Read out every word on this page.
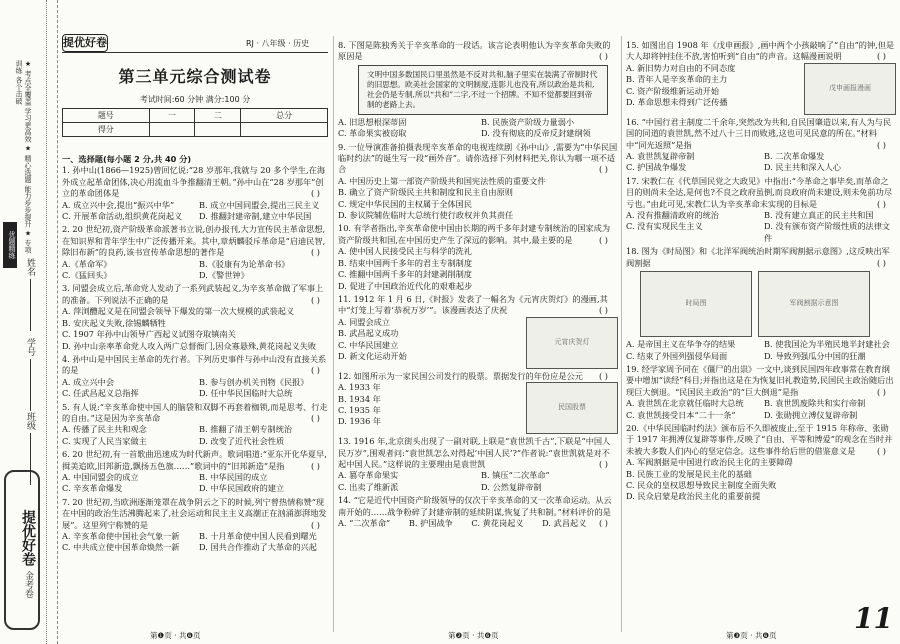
★ 考点全覆盖 学习更高效 ★ 精心选题 能力步步提升 ★ 专项训练 各个击破
优题精练
姓名
学号
班级
提优好卷 金考卷
提优好卷	RJ · 八年级 · 历史
第三单元综合测试卷
考试时间:60 分钟 满分:100 分
题号	一	二	总分
得分			
一、选择题(每小题 2 分,共 40 分)
1. 孙中山(1866—1925)曾回忆说:“28 岁那年,我就与 20 多个学生,在海外成立起革命团体,决心用流血斗争推翻清王朝。”孙中山在“28 岁那年”创立的革命团体是	( )
A. 成立兴中会,提出“振兴中华”	B. 成立中国同盟会,提出三民主义
C. 开展革命活动,组织黄花岗起义	D. 推翻封建帝制,建立中华民国
2. 20 世纪初,资产阶级革命派著书立说,创办报刊,大力宣传民主革命思想,在知识界和青年学生中广泛传播开来。其中,章炳麟驳斥革命是“启迪民智,除旧布新”的良药,该书宣传革命思想的著作是	( )
A.《革命军》	B.《驳康有为论革命书》
C.《猛回头》	D.《警世钟》
3. 同盟会成立后,革命党人发动了一系列武装起义,为辛亥革命做了军事上的准备。下列说法不正确的是	( )
A. 萍浏醴起义是在同盟会领导下爆发的第一次大规模的武装起义
B. 安庆起义失败,徐锡麟牺牲
C. 1907 年孙中山领导广西起义试图夺取镇南关
D. 孙中山亲率革命党人攻入两广总督衙门,因众寡悬殊,黄花岗起义失败
4. 孙中山是中国民主革命的先行者。下列历史事件与孙中山没有直接关系的是	( )
A. 成立兴中会	B. 参与创办机关刊物《民报》
C. 任武昌起义总指挥	D. 任中华民国临时大总统
5. 有人说:“辛亥革命使中国人的脑袋和双脚不再套着枷锁,而是思考、行走的自由。”这是因为辛亥革命	( )
A. 传播了民主共和观念	B. 推翻了清王朝专制统治
C. 实现了人民当家做主	D. 改变了近代社会性质
6. 20 世纪初,有一首歌曲迅速成为时代新声。歌词唱道:“亚东开化华夏早,揖美追欧,旧邦新造,飘扬五色旗……”歌词中的“旧邦新造”是指	( )
A. 中国同盟会的成立	B. 中华民国的成立
C. 辛亥革命爆发	D. 中华民国政府的建立
7. 20 世纪初,当欧洲逐渐笼罩在战争阴云之下的时候,列宁曾热情称赞“现在中国的政治生活沸腾起来了,社会运动和民主主义高潮正在汹涌澎湃地发展”。这里列宁称赞的是	( )
A. 辛亥革命使中国社会气象一新	B. 十月革命使中国人民看到曙光
C. 中共成立使中国革命焕然一新	D. 国共合作推动了大革命的兴起
8. 下图是陈独秀关于辛亥革命的一段话。该言论表明他认为辛亥革命失败的原因是	( )
文明中国多数国民口里虽然是不反对共和,脑子里实在装满了帝制时代的旧思想。欧美社会国家的文明制度,连影儿也没有,所以政治是共和,社会仍是专制,所以“共和”二字,不过一个招牌。不知不觉都要回到帝制的老路上去。
A. 旧思想根深蒂固	B. 民族资产阶级力量弱小
C. 革命果实被窃取	D. 没有彻底的反帝反封建纲领
9. 一位导演准备拍摄表现辛亥革命的电视连续剧《孙中山》,需要为“中华民国临时约法”的诞生写一段“画外音”。请你选择下列材料把关,你认为哪一项不适合	( )
A. 中国历史上第一部资产阶级共和国宪法性质的重要文件
B. 确立了资产阶级民主共和制度和民主自由原则
C. 规定中华民国的主权属于全体国民
D. 参议院辅佐临时大总统行使行政权并负其责任
10. 有学者指出,辛亥革命使中国由长期的两千多年封建专制统治的国家成为资产阶级共和国,在中国历史产生了深远的影响。其中,最主要的是	( )
A. 使中国人民接受民主与科学的洗礼
B. 结束中国两千多年的君主专制制度
C. 推翻中国两千多年的封建剥削制度
D. 促进了中国政治近代化的艰难起步
11. 1912 年 1 月 6 日,《时报》发表了一幅名为《元宵庆贺灯》的漫画,其中“灯笼上写着‘恭祝万岁’”。该漫画表达了庆祝	( )
A. 同盟会成立
B. 武昌起义成功
C. 中华民国建立
D. 新文化运动开始
元宵庆贺灯
12. 如图所示为一家民国公司发行的股票。票据发行的年份应是公元 ( )
A. 1933 年
B. 1934 年
C. 1935 年
D. 1936 年
民国股票
13. 1916 年,北京街头出现了一副对联,上联是“袁世凯千古”,下联是“中国人民万岁”,围观者问:“袁世凯怎么对得起‘中国人民’?”作者说:“袁世凯就是对不起中国人民。”这样说的主要理由是袁世凯	( )
A. 篡夺革命果实	B. 镇压“二次革命”
C. 出卖了维新派	D. 公然复辟帝制
14. “它是近代中国资产阶级领导的仅次于辛亥革命的又一次革命运动。从云南开始的……战争粉碎了封建帝制的延续阴谋,恢复了共和制。”材料评价的是
( )
A. “二次革命”	B. 护国战争	C. 黄花岗起义	D. 武昌起义
15. 如图出自 1908 年《戊申画报》,画中两个小孩敲响了“自由”的钟,但是大人却将钟挂住不放,害怕听到“自由”的声音。这幅漫画说明	( )
A. 新旧势力对自由的不同态度
B. 青年人是辛亥革命的主力
C. 资产阶级维新运动开始
D. 革命思想未得到广泛传播
戊申画报漫画
16. “中国行君主制度二千余年,突然改为共和,自民国肇造以来,有人为与民国的同道的袁世凯,然不过八十三日而败逃,这也可见民意的所在。”材料中“同光返照”是指	( )
A. 袁世凯复辟帝制	B. 二次革命爆发
C. 护国战争爆发	D. 民主共和深入人心
17. 宋教仁在《代草国民党之大政见》中指出:“今革命之事毕矣,而革命之目的则尚未全达,是何也?不良之政府虽倒,而良政府尚未建设,则未免前功尽亏也。”由此可见,宋教仁认为辛亥革命未实现的目标是	( )
A. 没有推翻清政府的统治	B. 没有建立真正的民主共和国
C. 没有实现民生主义	D. 没有颁布资产阶级性质的法律文件
18. 图为《时局图》和《北洋军阀统治时期军阀割据示意图》,这反映出军阀割据	( )
时局图	军阀割据示意图
A. 是帝国主义在华争夺的结果	B. 使我国沦为半殖民地半封建社会
C. 结束了外国列强侵华局面	D. 导致列强瓜分中国的狂潮
19. 经学家周予同在《僵尸的出祟》一文中,谈到民国四年政事常在教育纲要中增加“读经”科目;并指出这是在为恢复旧礼教造势,民国民主政治随后出现巨大倒退。“民国民主政治”的“巨大倒退”是指	( )
A. 袁世凯在北京就任临时大总统	B. 袁世凯废除共和实行帝制
C. 袁世凯接受日本“二十一条”	D. 张勋拥立溥仪复辟帝制
20.《中华民国临时约法》颁布后不久即被废止,至于 1915 年称帝、张勋于 1917 年拥溥仪复辟等事件,反映了“自由、平等和博爱”的观念在当时并未被大多数人们内心的坚定信念。这些事件给后世的借鉴意义是	( )
A. 军阀割据是中国进行政治民主化的主要障碍
B. 民族工业的发展是民主化的基础
C. 民众的皇权思想导致民主制度全面失败
D. 民众启蒙是政治民主化的重要前提
第❶页 · 共❻页	第❷页 · 共❻页	第❸页 · 共❻页
11
